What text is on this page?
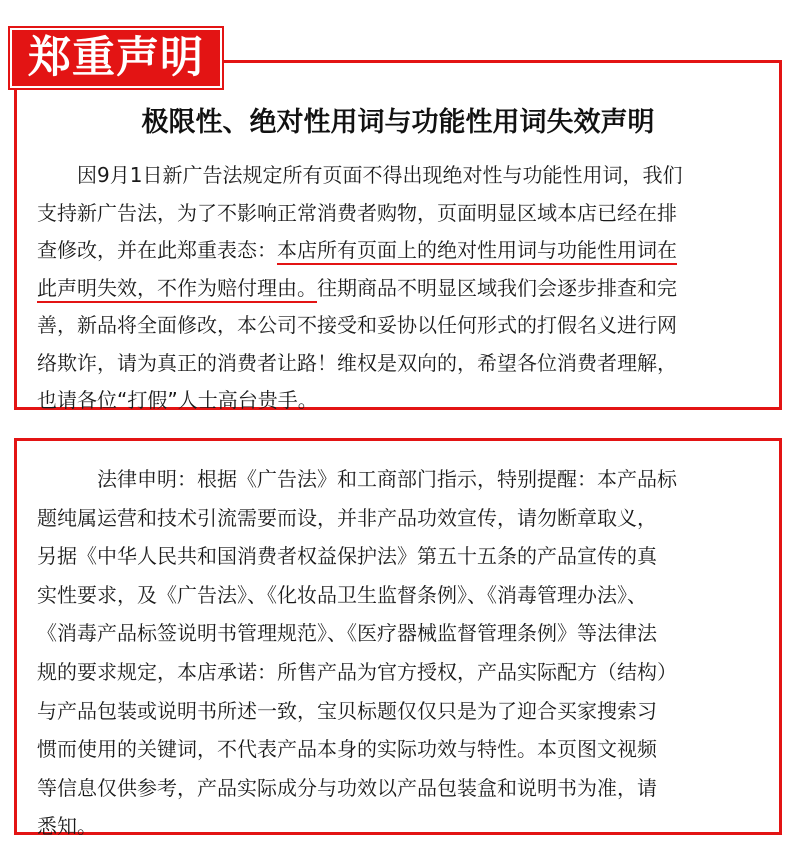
郑重声明
极限性、绝对性用词与功能性用词失效声明
因9月1日新广告法规定所有页面不得出现绝对性与功能性用词，我们
支持新广告法，为了不影响正常消费者购物，页面明显区域本店已经在排
查修改，并在此郑重表态：本店所有页面上的绝对性用词与功能性用词在
此声明失效，不作为赔付理由。往期商品不明显区域我们会逐步排查和完
善，新品将全面修改，本公司不接受和妥协以任何形式的打假名义进行网
络欺诈，请为真正的消费者让路！维权是双向的，希望各位消费者理解，
也请各位“打假”人士高台贵手。
法律申明：根据《广告法》和工商部门指示，特别提醒：本产品标
题纯属运营和技术引流需要而设，并非产品功效宣传，请勿断章取义，
另据《中华人民共和国消费者权益保护法》第五十五条的产品宣传的真
实性要求，及《广告法》、《化妆品卫生监督条例》、《消毒管理办法》、
《消毒产品标签说明书管理规范》、《医疗器械监督管理条例》等法律法
规的要求规定，本店承诺：所售产品为官方授权，产品实际配方（结构）
与产品包装或说明书所述一致，宝贝标题仅仅只是为了迎合买家搜索习
惯而使用的关键词，不代表产品本身的实际功效与特性。本页图文视频
等信息仅供参考，产品实际成分与功效以产品包装盒和说明书为准，请
悉知。
